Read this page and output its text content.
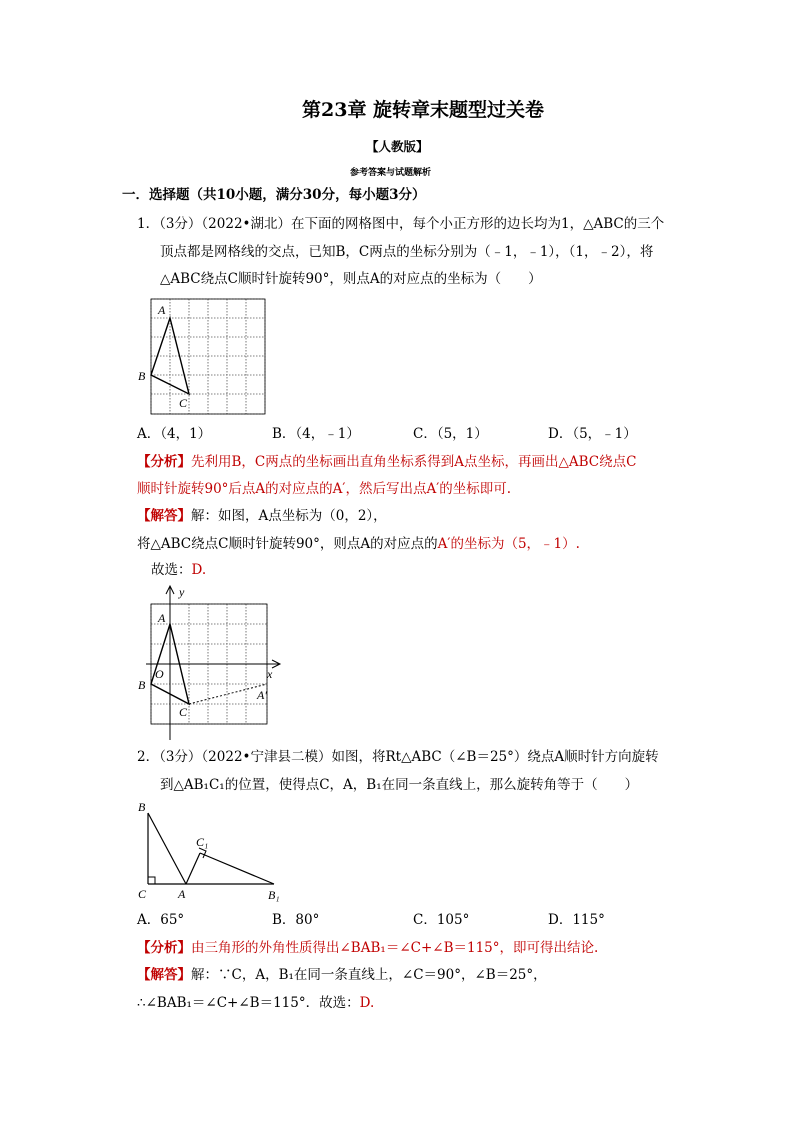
第23章 旋转章末题型过关卷
【人教版】
参考答案与试题解析
一．选择题（共10小题，满分30分，每小题3分）
1．（3分）（2022•湖北）在下面的网格图中，每个小正方形的边长均为1，△ABC的三个
顶点都是网格线的交点，已知B，C两点的坐标分别为（﹣1，﹣1），（1，﹣2），将
△ABC绕点C顺时针旋转90°，则点A的对应点的坐标为（　　）
A
B
C
A．（4，1）	B．（4，﹣1）	C．（5，1）	D．（5，﹣1）
【分析】先利用B，C两点的坐标画出直角坐标系得到A点坐标，再画出△ABC绕点C
顺时针旋转90°后点A的对应点的A′，然后写出点A′的坐标即可.
【解答】解：如图，A点坐标为（0，2），
将△ABC绕点C顺时针旋转90°，则点A的对应点的A′的坐标为（5，﹣1）.
故选：D.
y
x
A
O
B
C
A′
2．（3分）（2022•宁津县二模）如图，将Rt△ABC（∠B＝25°）绕点A顺时针方向旋转
到△AB₁C₁的位置，使得点C，A，B₁在同一条直线上，那么旋转角等于（　　）
B
C	A
C₁
B₁
A．65°	B．80°	C．105°	D．115°
【分析】由三角形的外角性质得出∠BAB₁＝∠C+∠B＝115°，即可得出结论.
【解答】解：∵C，A，B₁在同一条直线上，∠C＝90°，∠B＝25°，
∴∠BAB₁＝∠C+∠B＝115°．故选：D.
